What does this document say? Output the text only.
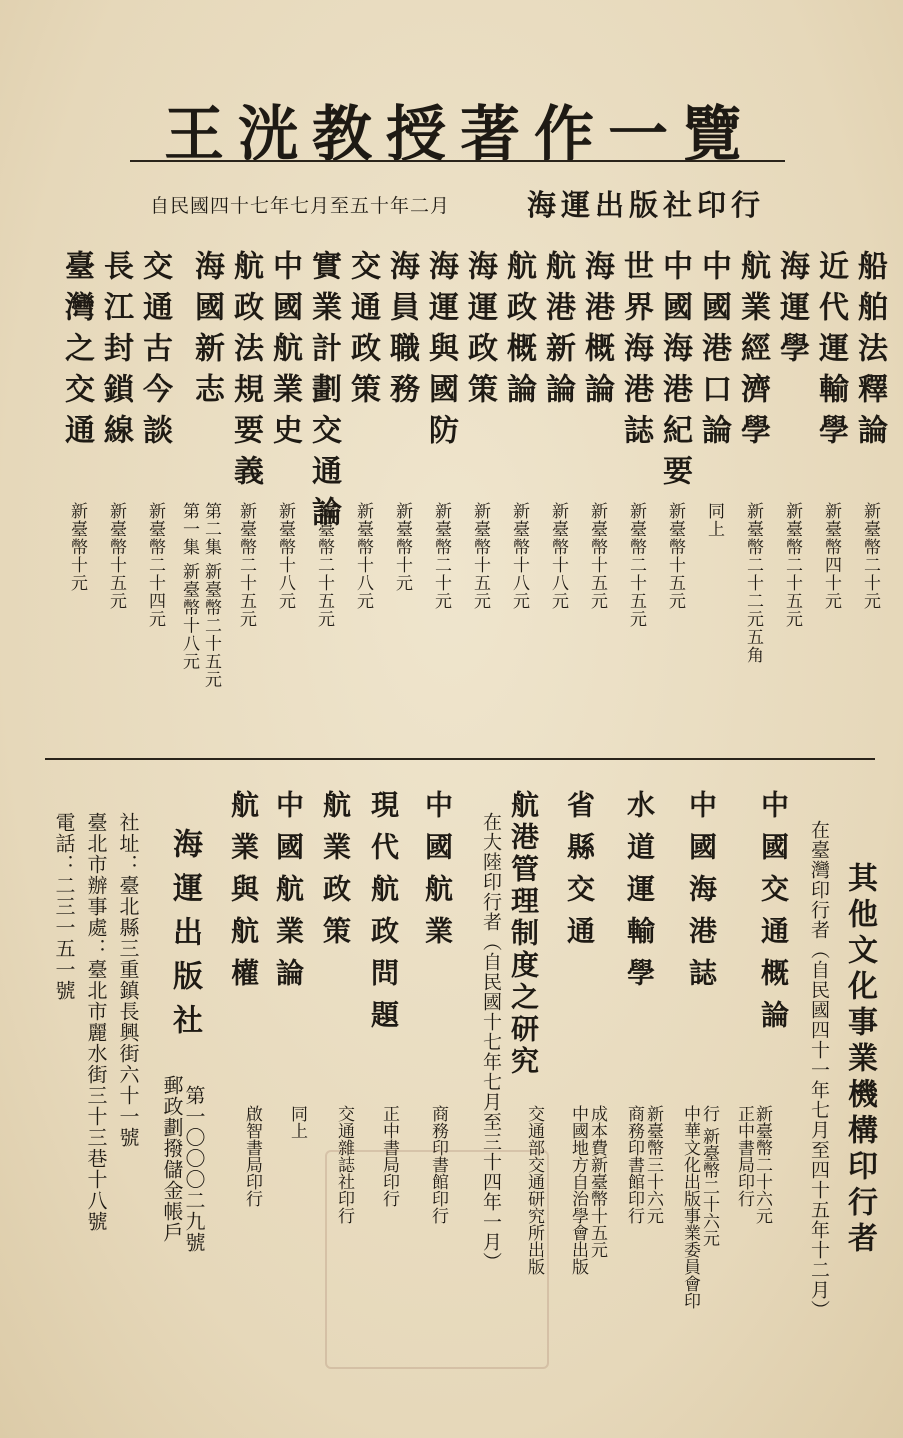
王洸教授著作一覽
海運出版社印行
自民國四十七年七月至五十年二月
船舶法釋論
新臺幣二十元

近代運輸學
新臺幣四十元

海運學
新臺幣二十五元

航業經濟學
新臺幣二十二元五角

中國港口論
同上

中國海港紀要
新臺幣十五元

世界海港誌
新臺幣二十五元

海港概論
新臺幣十五元

航港新論
新臺幣十八元

航政概論
新臺幣十八元

海運政策
新臺幣十五元

海運與國防
新臺幣二十元

海員職務
新臺幣十元

交通政策
新臺幣十八元

實業計劃交通論
新臺幣二十五元

中國航業史
新臺幣十八元

航政法規要義
新臺幣二十五元

海國新志
第一集 新臺幣十八元 第二集 新臺幣二十五元

交通古今談
新臺幣二十四元

長江封鎖線
新臺幣十五元

臺灣之交通
新臺幣十元
其他文化事業機構印行者
在臺灣印行者（自民國四十一年七月至四十五年十二月）
中國交通概論
正中書局印行
新臺幣二十六元
中國海港誌
中華文化出版事業委員會印 行 新臺幣二十六元
水道運輸學
商務印書館印行 新臺幣三十六元
省縣交通
中國地方自治學會出版 成本費新臺幣十五元
航港管理制度之研究
交通部交通研究所出版
在大陸印行者（自民國十七年七月至三十四年一月）
中國航業
商務印書館印行
現代航政問題
正中書局印行
航業政策
交通雜誌社印行
中國航業論
同上
航業與航權
啟智書局印行
海運出版社
郵政劃撥儲金帳戶
第一〇〇〇二九號
社址：臺北縣三重鎮長興街六十一號
臺北市辦事處：臺北市麗水街三十三巷十八號
電話：二三一五一號
